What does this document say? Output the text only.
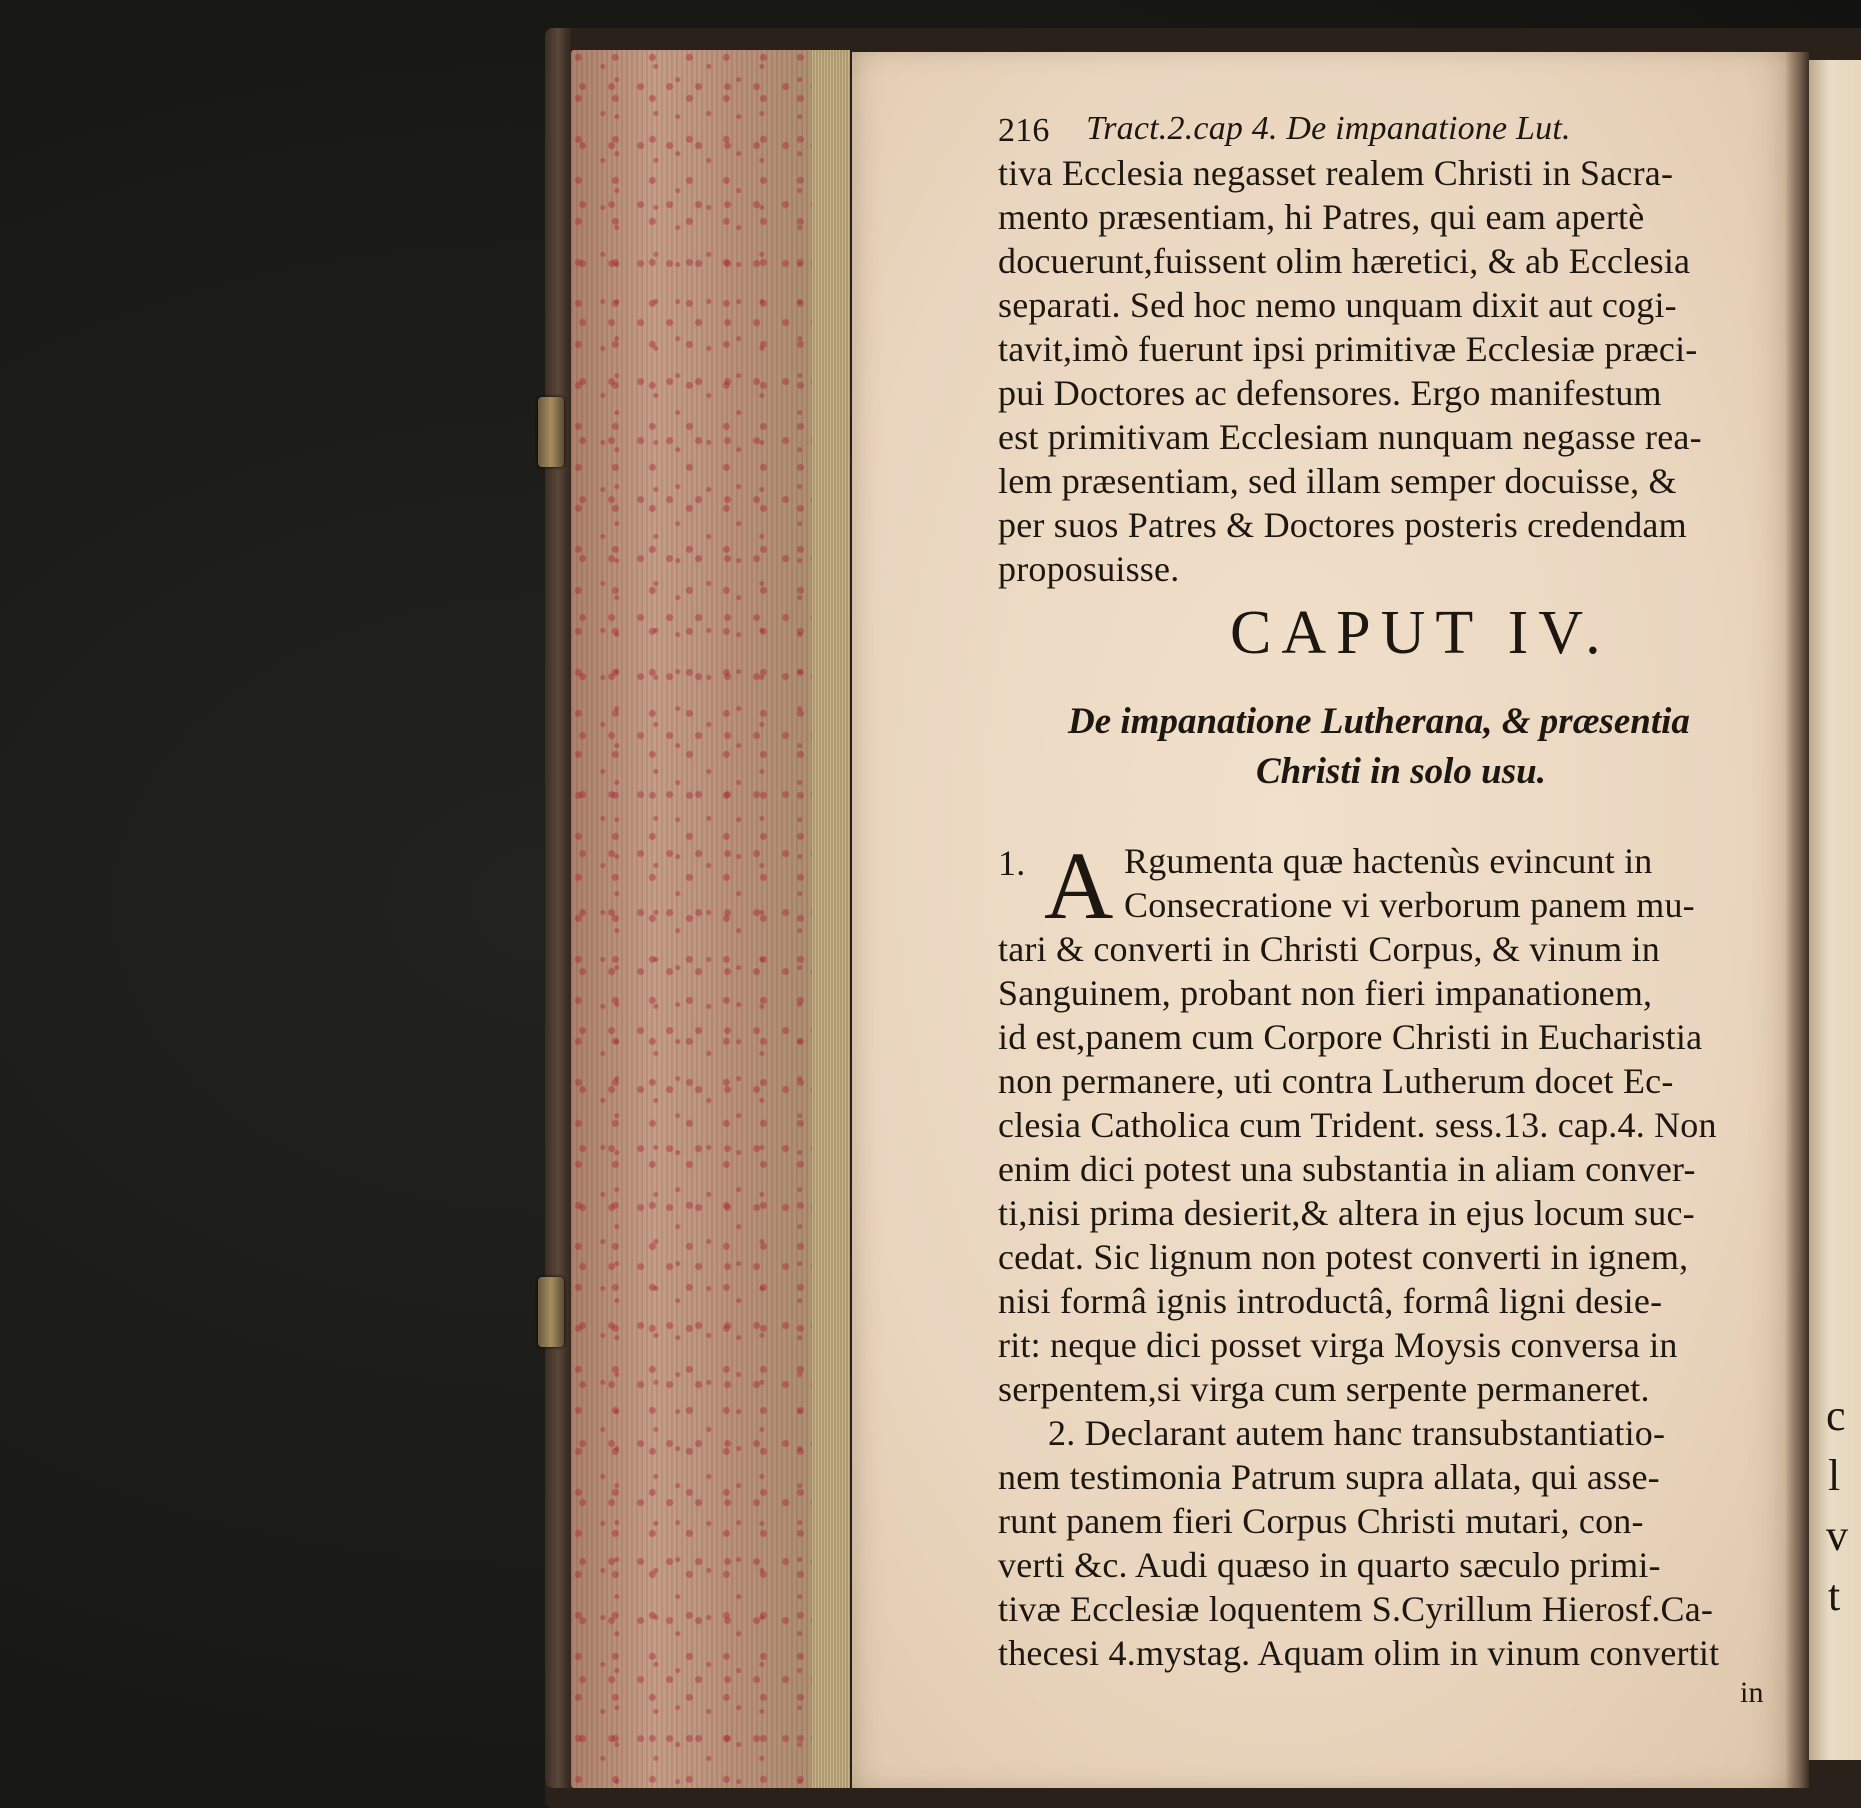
c
l
v
t
216 Tract.2.cap 4. De impanatione Lut.
tiva Ecclesia negasset realem Christi in Sacra-
mento præsentiam, hi Patres, qui eam apertè
docuerunt,fuissent olim hæretici, & ab Ecclesia
separati. Sed hoc nemo unquam dixit aut cogi-
tavit,imò fuerunt ipsi primitivæ Ecclesiæ præci-
pui Doctores ac defensores. Ergo manifestum
est primitivam Ecclesiam nunquam negasse rea-
lem præsentiam, sed illam semper docuisse, &
per suos Patres & Doctores posteris credendam
proposuisse.
CAPUT IV.
De impanatione Lutherana, & præsentia
Christi in solo usu.
1. A Rgumenta quæ hactenùs evincunt in
Consecratione vi verborum panem mu-
tari & converti in Christi Corpus, & vinum in
Sanguinem, probant non fieri impanationem,
id est,panem cum Corpore Christi in Eucharistia
non permanere, uti contra Lutherum docet Ec-
clesia Catholica cum Trident. sess.13. cap.4. Non
enim dici potest una substantia in aliam conver-
ti,nisi prima desierit,& altera in ejus locum suc-
cedat. Sic lignum non potest converti in ignem,
nisi formâ ignis introductâ, formâ ligni desie-
rit: neque dici posset virga Moysis conversa in
serpentem,si virga cum serpente permaneret.
2. Declarant autem hanc transubstantiatio-
nem testimonia Patrum supra allata, qui asse-
runt panem fieri Corpus Christi mutari, con-
verti &c. Audi quæso in quarto sæculo primi-
tivæ Ecclesiæ loquentem S.Cyrillum Hierosf.Ca-
thecesi 4.mystag. Aquam olim in vinum convertit
in
